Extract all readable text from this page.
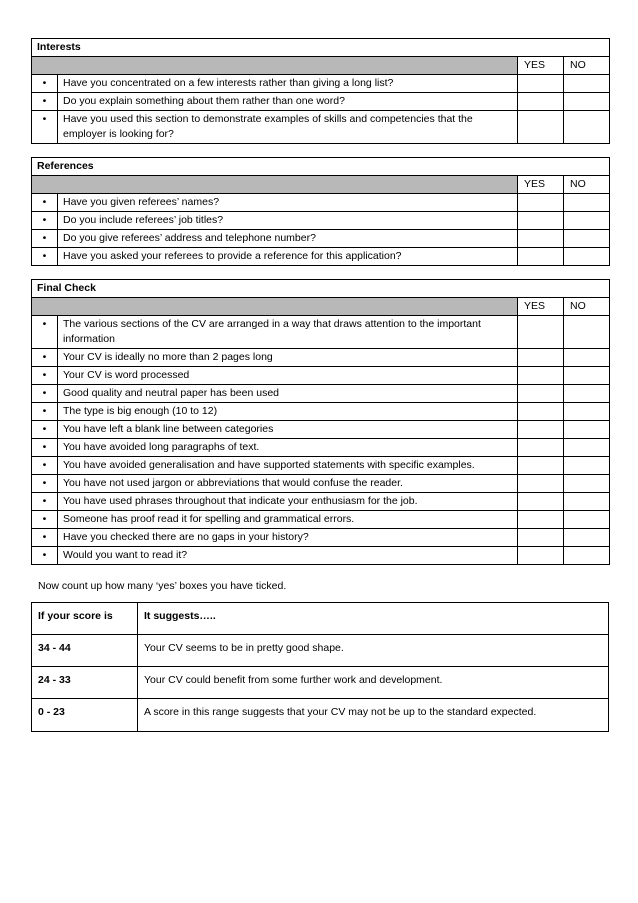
Interests			
		YES	NO
•	Have you concentrated on a few interests rather than giving a long list?		
•	Do you explain something about them rather than one word?		
•	Have you used this section to demonstrate examples of skills and competencies that the employer is looking for?		
References			
		YES	NO
•	Have you given referees’ names?		
•	Do you include referees’ job titles?		
•	Do you give referees’ address and telephone number?		
•	Have you asked your referees to provide a reference for this application?		
Final Check			
		YES	NO
•	The various sections of the CV are arranged in a way that draws attention to the important information		
•	Your CV is ideally no more than 2 pages long		
•	Your CV is word processed		
•	Good quality and neutral paper has been used		
•	The type is big enough (10 to 12)		
•	You have left a blank line between categories		
•	You have avoided long paragraphs of text.		
•	You have avoided generalisation and have supported statements with specific examples.		
•	You have not used jargon or abbreviations that would confuse the reader.		
•	You have used phrases throughout that indicate your enthusiasm for the job.		
•	Someone has proof read it for spelling and grammatical errors.		
•	Have you checked there are no gaps in your history?		
•	Would you want to read it?		
Now count up how many ‘yes’ boxes you have ticked.
If your score is	It suggests…..
34 - 44	Your CV seems to be in pretty good shape.
24 - 33	Your CV could benefit from some further work and development.
0 - 23	A score in this range suggests that your CV may not be up to the standard expected.
